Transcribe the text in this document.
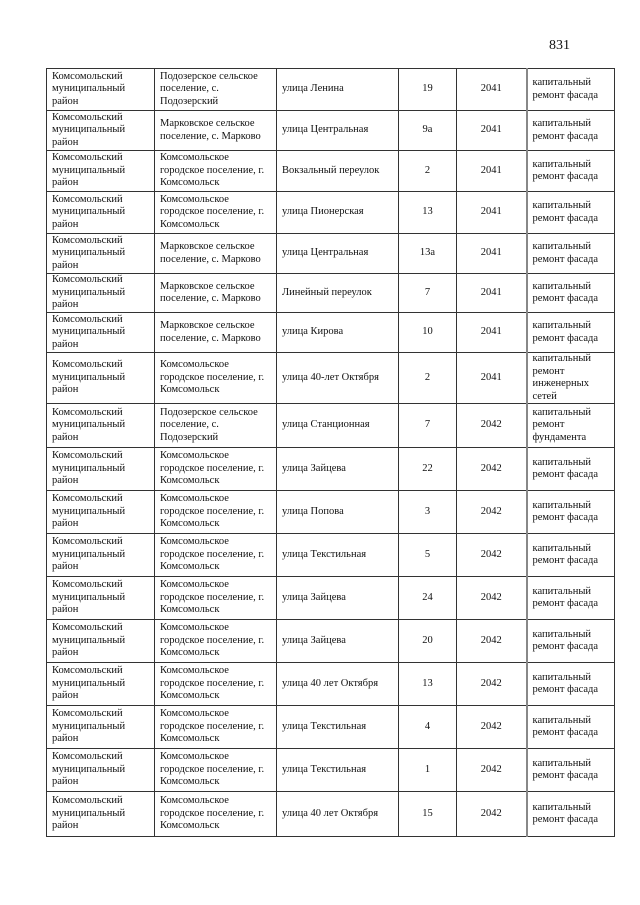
831
Комсомольский муниципальный район	Подозерское сельское поселение, с. Подозерский	улица Ленина	19	2041	капитальный ремонт фасада
Комсомольский муниципальный район	Марковское сельское поселение, с. Марково	улица Центральная	9а	2041	капитальный ремонт фасада
Комсомольский муниципальный район	Комсомольское городское поселение, г. Комсомольск	Вокзальный переулок	2	2041	капитальный ремонт фасада
Комсомольский муниципальный район	Комсомольское городское поселение, г. Комсомольск	улица Пионерская	13	2041	капитальный ремонт фасада
Комсомольский муниципальный район	Марковское сельское поселение, с. Марково	улица Центральная	13а	2041	капитальный ремонт фасада
Комсомольский муниципальный район	Марковское сельское поселение, с. Марково	Линейный переулок	7	2041	капитальный ремонт фасада
Комсомольский муниципальный район	Марковское сельское поселение, с. Марково	улица Кирова	10	2041	капитальный ремонт фасада
Комсомольский муниципальный район	Комсомольское городское поселение, г. Комсомольск	улица 40-лет Октября	2	2041	капитальный ремонт инженерных сетей
Комсомольский муниципальный район	Подозерское сельское поселение, с. Подозерский	улица Станционная	7	2042	капитальный ремонт фундамента
Комсомольский муниципальный район	Комсомольское городское поселение, г. Комсомольск	улица Зайцева	22	2042	капитальный ремонт фасада
Комсомольский муниципальный район	Комсомольское городское поселение, г. Комсомольск	улица Попова	3	2042	капитальный ремонт фасада
Комсомольский муниципальный район	Комсомольское городское поселение, г. Комсомольск	улица Текстильная	5	2042	капитальный ремонт фасада
Комсомольский муниципальный район	Комсомольское городское поселение, г. Комсомольск	улица Зайцева	24	2042	капитальный ремонт фасада
Комсомольский муниципальный район	Комсомольское городское поселение, г. Комсомольск	улица Зайцева	20	2042	капитальный ремонт фасада
Комсомольский муниципальный район	Комсомольское городское поселение, г. Комсомольск	улица 40 лет Октября	13	2042	капитальный ремонт фасада
Комсомольский муниципальный район	Комсомольское городское поселение, г. Комсомольск	улица Текстильная	4	2042	капитальный ремонт фасада
Комсомольский муниципальный район	Комсомольское городское поселение, г. Комсомольск	улица Текстильная	1	2042	капитальный ремонт фасада
Комсомольский муниципальный район	Комсомольское городское поселение, г. Комсомольск	улица 40 лет Октября	15	2042	капитальный ремонт фасада
